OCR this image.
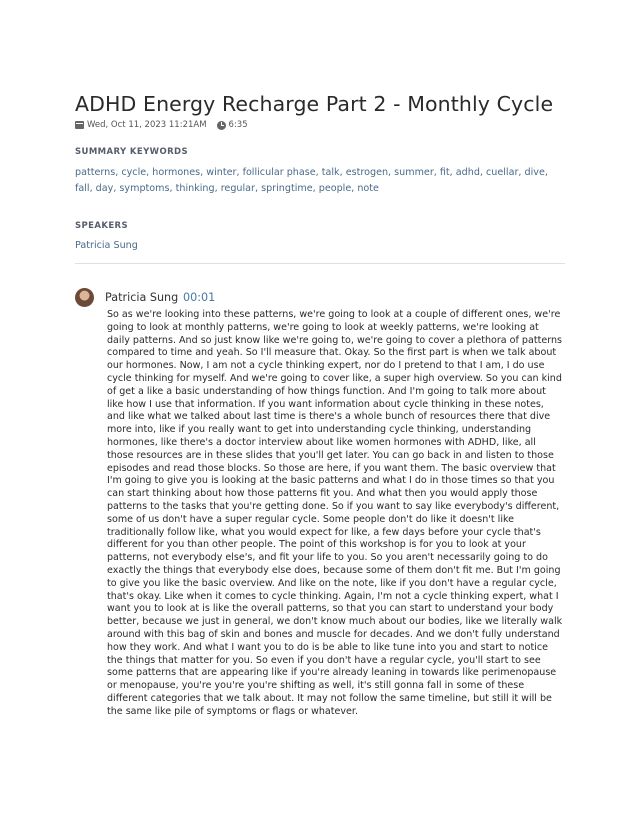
ADHD Energy Recharge Part 2 - Monthly Cycle
Wed, Oct 11, 2023 11:21AM	6:35
SUMMARY KEYWORDS
patterns, cycle, hormones, winter, follicular phase, talk, estrogen, summer, fit, adhd, cuellar, dive, fall, day, symptoms, thinking, regular, springtime, people, note
SPEAKERS
Patricia Sung
Patricia Sung 00:01

So as we're looking into these patterns, we're going to look at a couple of different ones, we're going to look at monthly patterns, we're going to look at weekly patterns, we're looking at daily patterns. And so just know like we're going to, we're going to cover a plethora of patterns compared to time and yeah. So I'll measure that. Okay. So the first part is when we talk about our hormones. Now, I am not a cycle thinking expert, nor do I pretend to that I am, I do use cycle thinking for myself. And we're going to cover like, a super high overview. So you can kind of get a like a basic understanding of how things function. And I'm going to talk more about like how I use that information. If you want information about cycle thinking in these notes, and like what we talked about last time is there's a whole bunch of resources there that dive more into, like if you really want to get into understanding cycle thinking, understanding hormones, like there's a doctor interview about like women hormones with ADHD, like, all those resources are in these slides that you'll get later. You can go back in and listen to those episodes and read those blocks. So those are here, if you want them. The basic overview that I'm going to give you is looking at the basic patterns and what I do in those times so that you can start thinking about how those patterns fit you. And what then you would apply those patterns to the tasks that you're getting done. So if you want to say like everybody's different, some of us don't have a super regular cycle. Some people don't do like it doesn't like traditionally follow like, what you would expect for like, a few days before your cycle that's different for you than other people. The point of this workshop is for you to look at your patterns, not everybody else's, and fit your life to you. So you aren't necessarily going to do exactly the things that everybody else does, because some of them don't fit me. But I'm going to give you like the basic overview. And like on the note, like if you don't have a regular cycle, that's okay. Like when it comes to cycle thinking. Again, I'm not a cycle thinking expert, what I want you to look at is like the overall patterns, so that you can start to understand your body better, because we just in general, we don't know much about our bodies, like we literally walk around with this bag of skin and bones and muscle for decades. And we don't fully understand how they work. And what I want you to do is be able to like tune into you and start to notice the things that matter for you. So even if you don't have a regular cycle, you'll start to see some patterns that are appearing like if you're already leaning in towards like perimenopause or menopause, you're you're you're shifting as well, it's still gonna fall in some of these different categories that we talk about. It may not follow the same timeline, but still it will be the same like pile of symptoms or flags or whatever.
